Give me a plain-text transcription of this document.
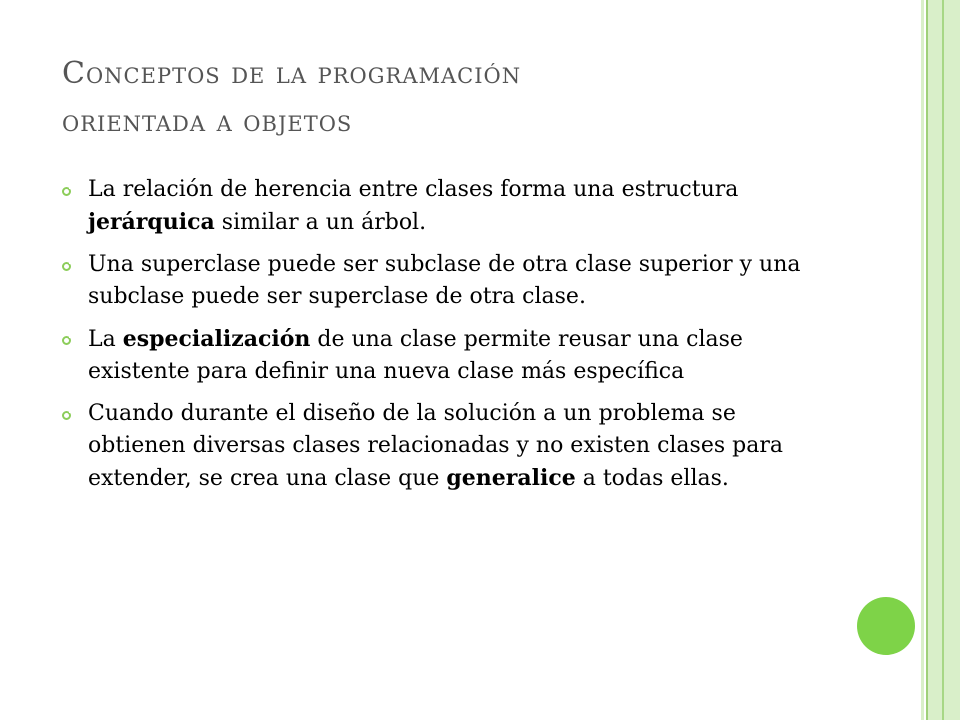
Conceptos de la programación
orientada a objetos
La relación de herencia entre clases forma una estructura jerárquica similar a un árbol.
Una superclase puede ser subclase de otra clase superior y una subclase puede ser superclase de otra clase.
La especialización de una clase permite reusar una clase existente para definir una nueva clase más específica
Cuando durante el diseño de la solución a un problema se obtienen diversas clases relacionadas y no existen clases para extender, se crea una clase que generalice a todas ellas.
